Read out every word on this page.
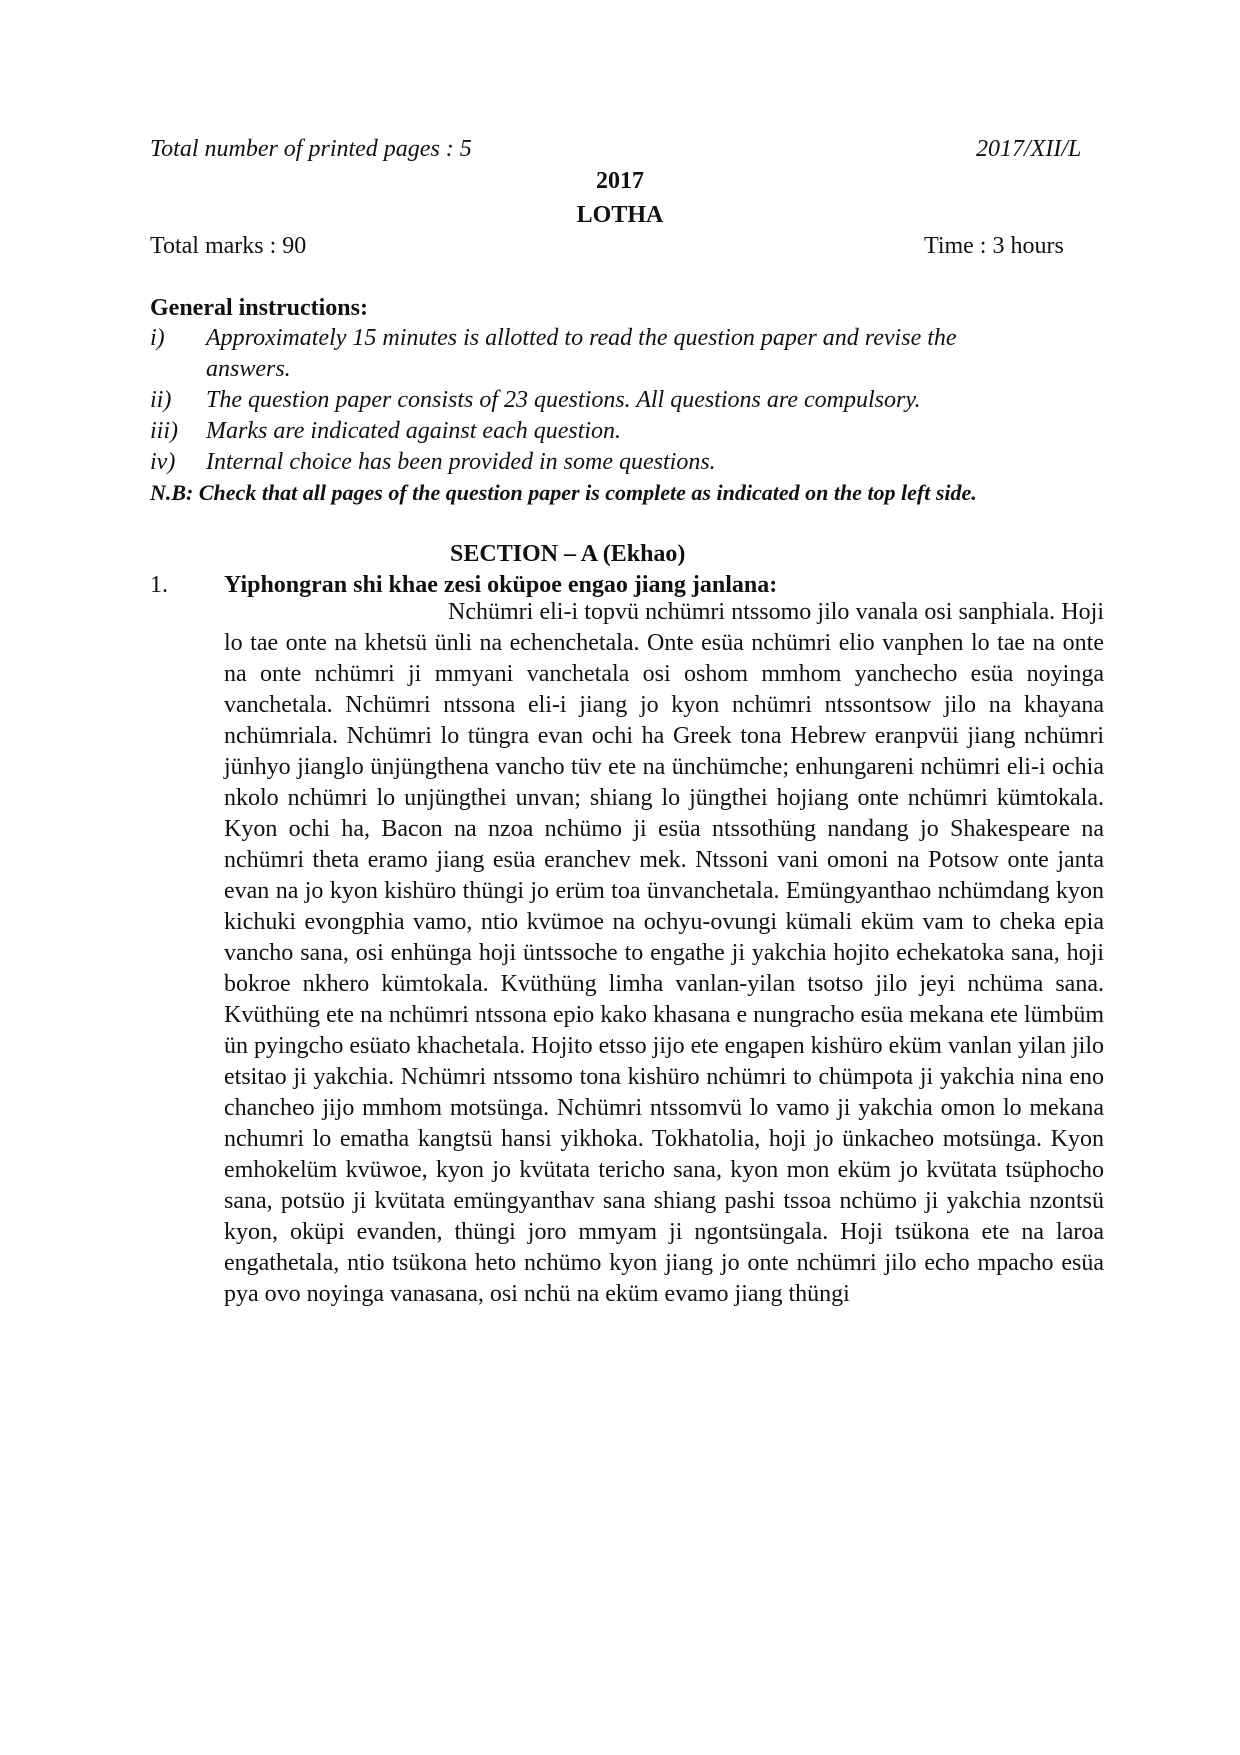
Total number of printed pages : 5	2017/XII/L
2017
LOTHA
Total marks : 90	Time : 3 hours
General instructions:
i) Approximately 15 minutes is allotted to read the question paper and revise the
answers.
ii) The question paper consists of 23 questions. All questions are compulsory.
iii) Marks are indicated against each question.
iv) Internal choice has been provided in some questions.
N.B: Check that all pages of the question paper is complete as indicated on the top left side.
SECTION – A (Ekhao)
1. Yiphongran shi khae zesi oküpoe engao jiang janlana:
Nchümri eli-i topvü nchümri ntssomo jilo vanala osi sanphiala. Hoji lo tae onte na khetsü ünli na echenchetala. Onte esüa nchümri elio vanphen lo tae na onte na onte nchümri ji mmyani vanchetala osi oshom mmhom yanchecho esüa noyinga vanchetala. Nchümri ntssona eli-i jiang jo kyon nchümri ntssontsow jilo na khayana nchümriala. Nchümri lo tüngra evan ochi ha Greek tona Hebrew eranpvüi jiang nchümri jünhyo jianglo ünjüngthena vancho tüv ete na ünchümche; enhungareni nchümri eli-i ochia nkolo nchümri lo unjüngthei unvan; shiang lo jüngthei hojiang onte nchümri kümtokala. Kyon ochi ha, Bacon na nzoa nchümo ji esüa ntssothüng nandang jo Shakespeare na nchümri theta eramo jiang esüa eranchev mek. Ntssoni vani omoni na Potsow onte janta evan na jo kyon kishüro thüngi jo erüm toa ünvanchetala. Emüngyanthao nchümdang kyon kichuki evongphia vamo, ntio kvümoe na ochyu-ovungi kümali eküm vam to cheka epia vancho sana, osi enhünga hoji üntssoche to engathe ji yakchia hojito echekatoka sana, hoji bokroe nkhero kümtokala. Kvüthüng limha vanlan-yilan tsotso jilo jeyi nchüma sana. Kvüthüng ete na nchümri ntssona epio kako khasana e nungracho esüa mekana ete lümbüm ün pyingcho esüato khachetala. Hojito etsso jijo ete engapen kishüro eküm vanlan yilan jilo etsitao ji yakchia. Nchümri ntssomo tona kishüro nchümri to chümpota ji yakchia nina eno chancheo jijo mmhom motsünga. Nchümri ntssomvü lo vamo ji yakchia omon lo mekana nchumri lo ematha kangtsü hansi yikhoka. Tokhatolia, hoji jo ünkacheo motsünga. Kyon emhokelüm kvüwoe, kyon jo kvütata tericho sana, kyon mon eküm jo kvütata tsüphocho sana, potsüo ji kvütata emüngyanthav sana shiang pashi tssoa nchümo ji yakchia nzontsü kyon, oküpi evanden, thüngi joro mmyam ji ngontsüngala. Hoji tsükona ete na laroa engathetala, ntio tsükona heto nchümo kyon jiang jo onte nchümri jilo echo mpacho esüa pya ovo noyinga vanasana, osi nchü na eküm evamo jiang thüngi
